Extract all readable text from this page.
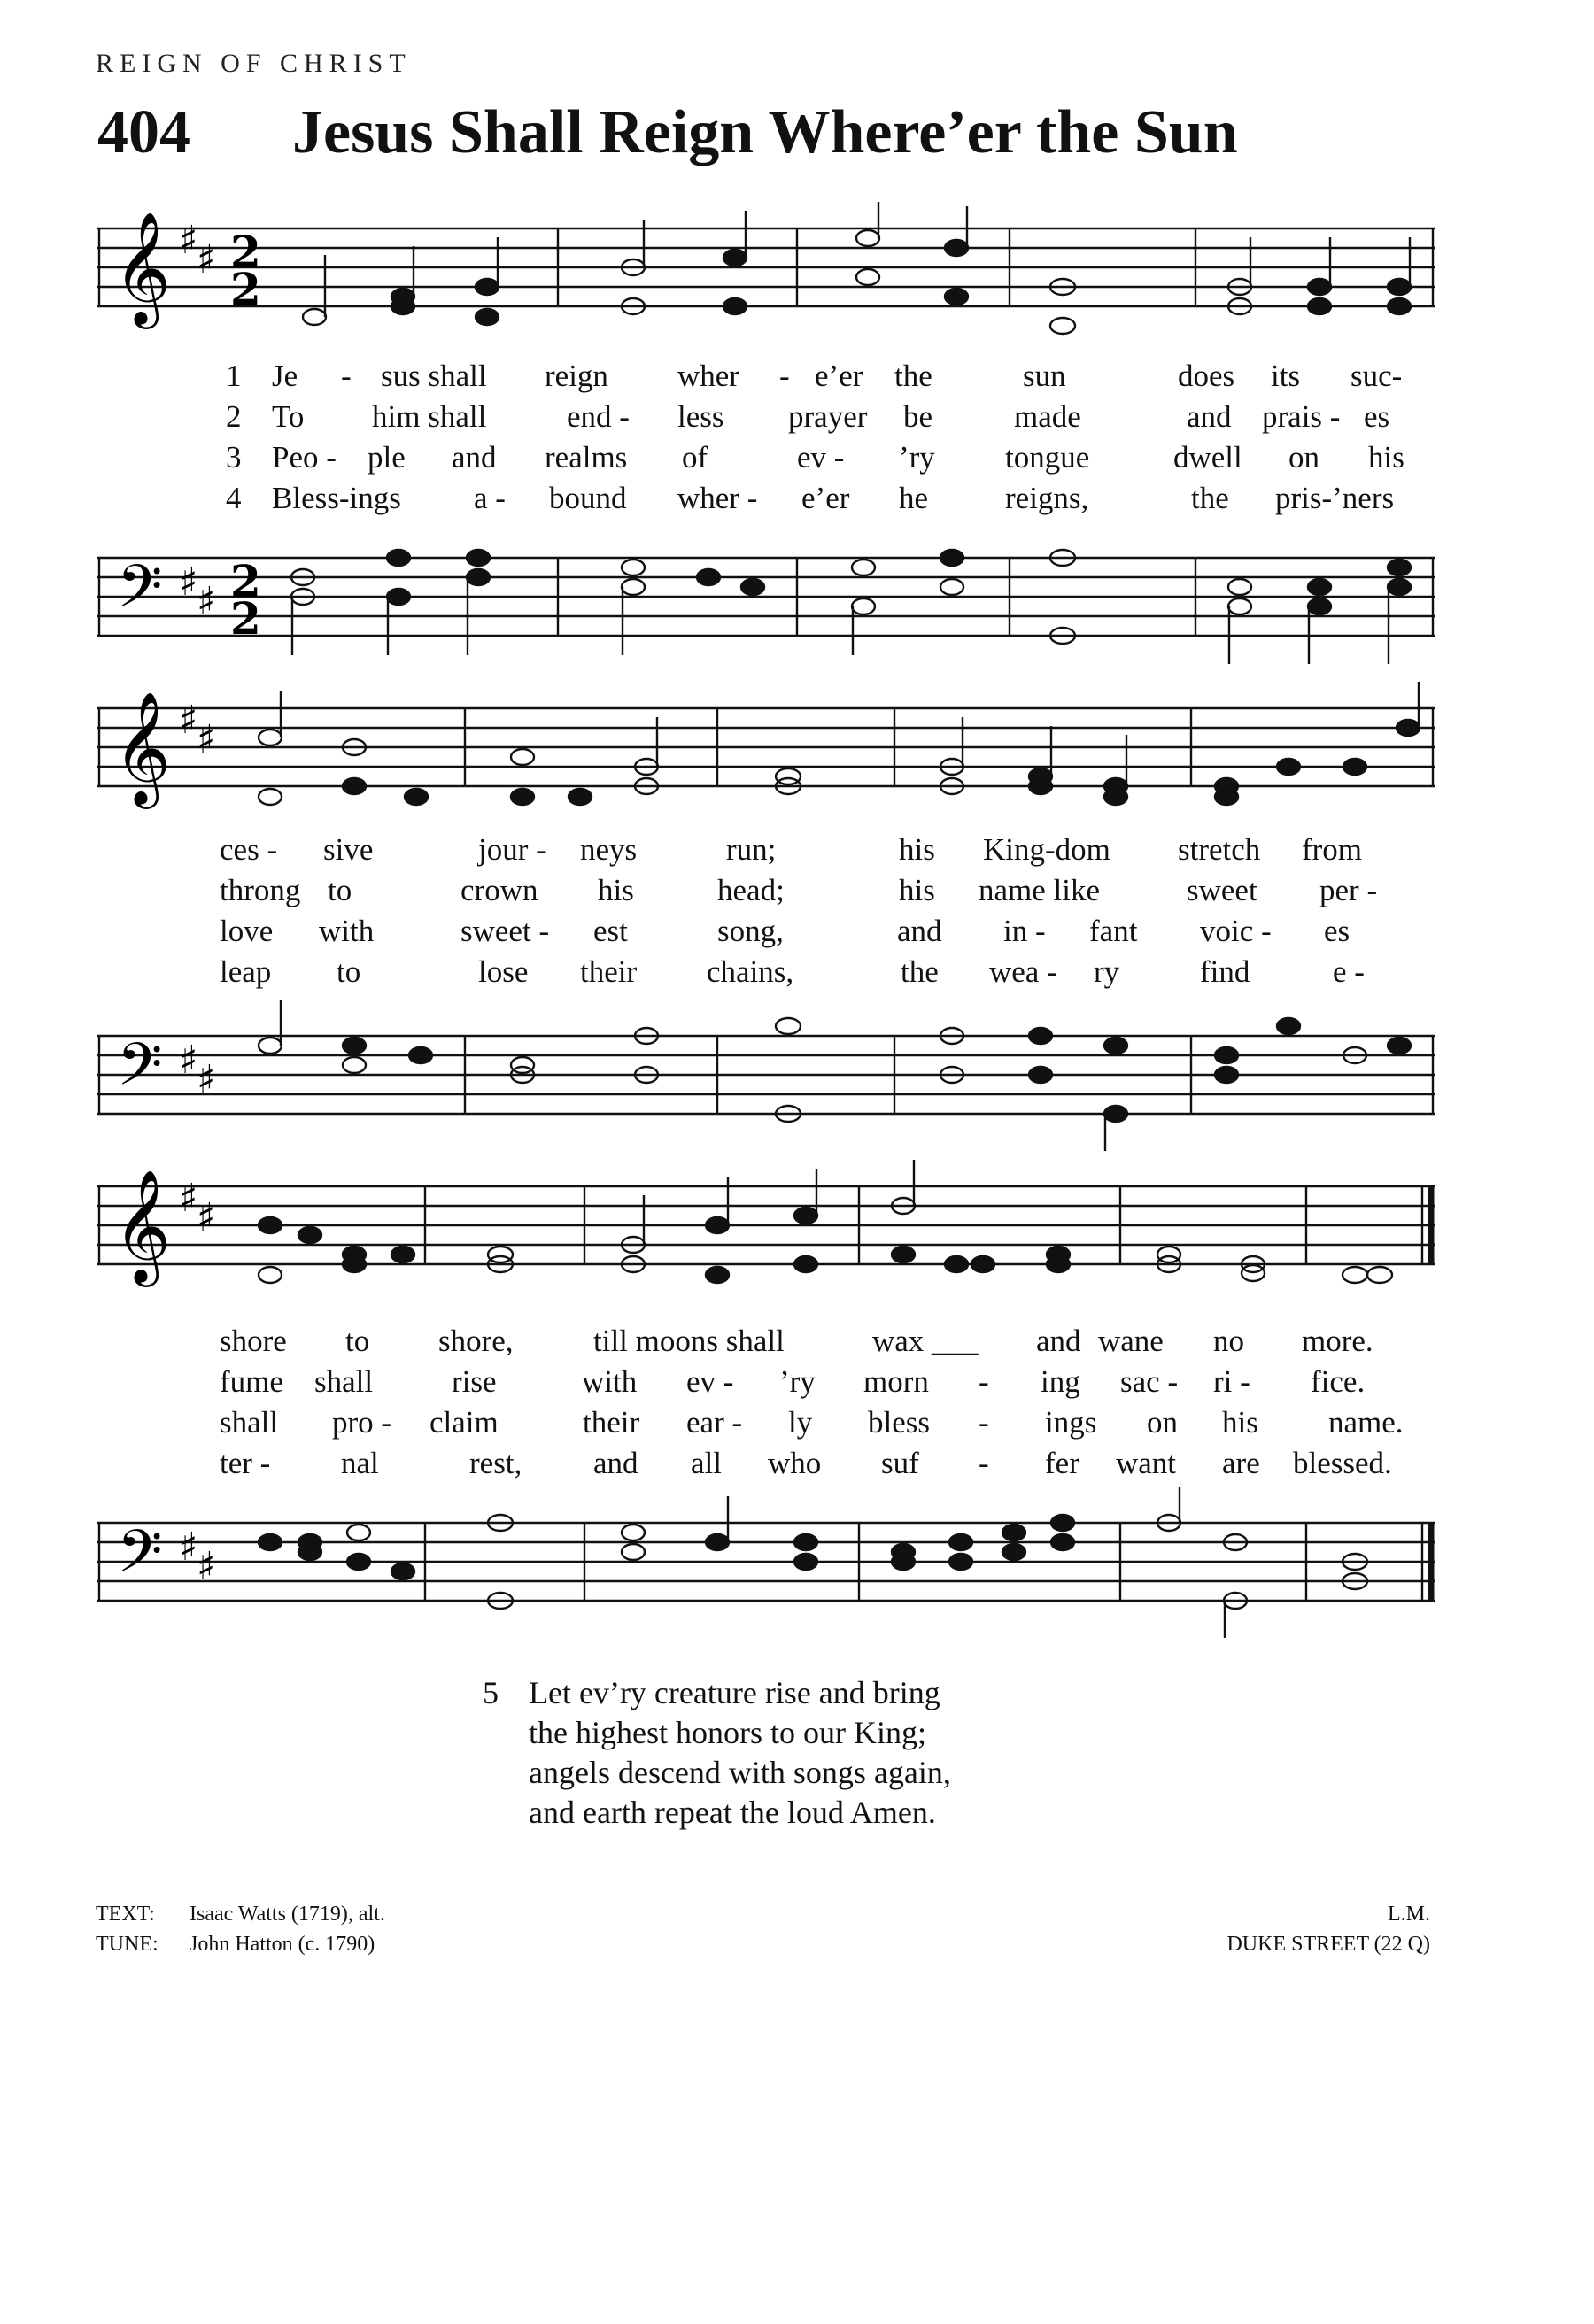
REIGN OF CHRIST
404 Jesus Shall Reign Where’er the Sun
𝄞 ♯
♯ 2
2
1 Je - sus shall reign wher - e’er the	sun	does its suc-
2 To him shall	end - less prayer be	made	and prais - es
3 Peo - ple and realms of	ev - ’ry tongue	dwell on his
4 Bless-ings a - bound wher - e’er he reigns,	the pris-’ners
𝄢 ♯
♯ 2
2
𝄞 ♯
♯
ces - sive	jour - neys	run;	his King-dom stretch from
throng to	crown his	head;	his name like	sweet per -
love with	sweet - est	song,	and in - fant voic - es
leap to	lose their chains,	the wea - ry	find	e -
𝄢 ♯
♯
𝄞 ♯
♯
shore to shore,	till moons shall	wax ___ and wane no more.
fume shall	rise	with ev - ’ry morn - ing sac - ri - fice.
shall pro - claim	their ear - ly bless - ings on his name.
ter - nal	rest, and all who suf - fer want are blessed.
𝄢 ♯
♯
5 Let ev’ry creature rise and bring
the highest honors to our King;
angels descend with songs again,
and earth repeat the loud Amen.
TEXT: Isaac Watts (1719), alt.
TUNE: John Hatton (c. 1790)
L.M.
DUKE STREET (22 Q)
